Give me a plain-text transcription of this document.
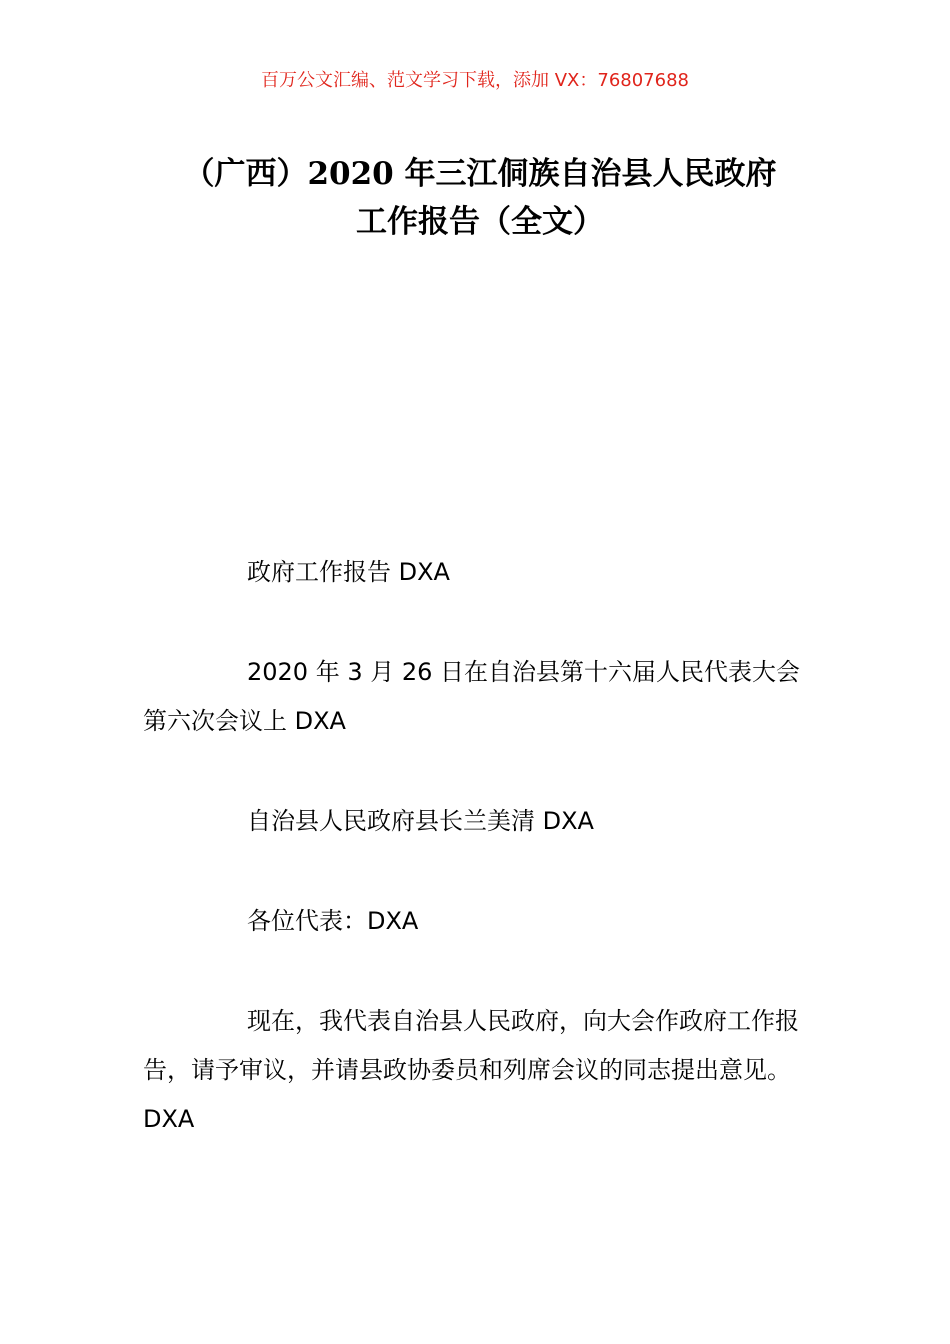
百万公文汇编、范文学习下载，添加 VX：76807688
（广西）2020 年三江侗族自治县人民政府
工作报告（全文）

政府工作报告 DXA

2020 年 3 月 26 日在自治县第十六届人民代表大会第六次会议上 DXA

自治县人民政府县长兰美清 DXA

各位代表：DXA

现在，我代表自治县人民政府，向大会作政府工作报告，请予审议，并请县政协委员和列席会议的同志提出意见。DXA
